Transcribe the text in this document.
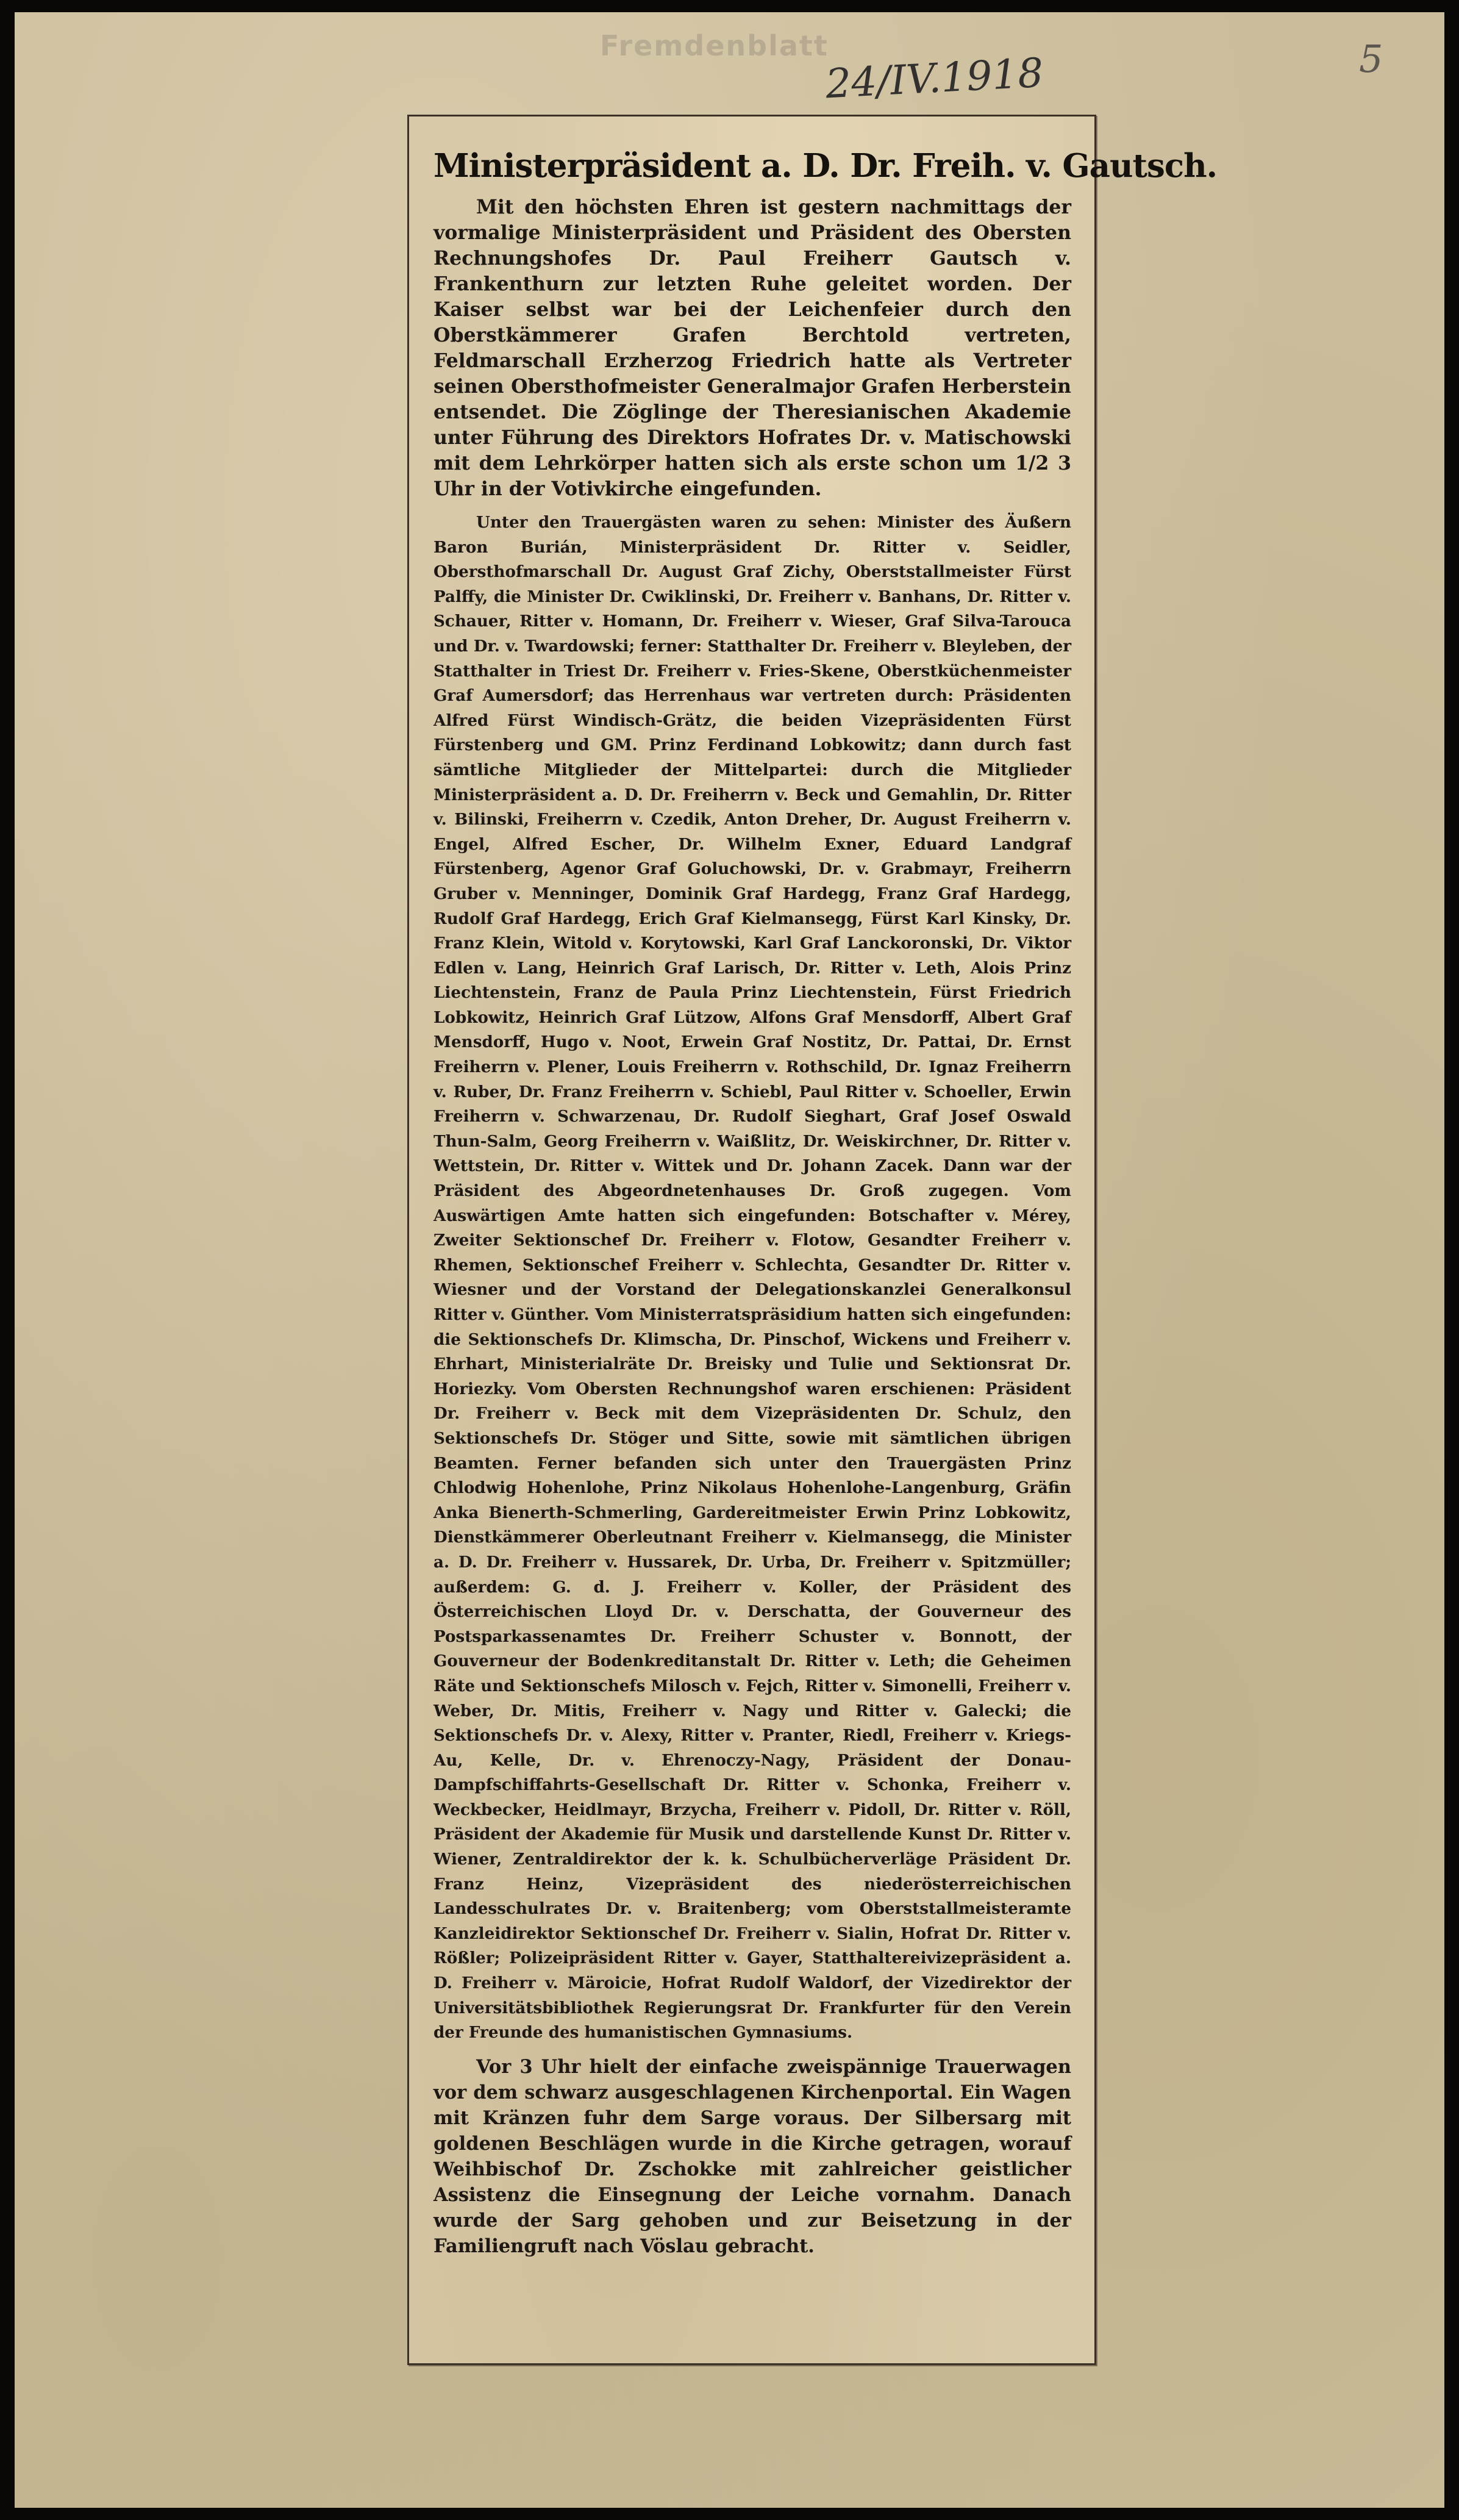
Fremdenblatt
24/IV.1918	5
Ministerpräsident a. D. Dr. Freih. v. Gautsch.

Mit den höchsten Ehren ist gestern nachmittags der vormalige Ministerpräsident und Präsident des Obersten Rechnungshofes Dr. Paul Freiherr Gautsch v. Frankenthurn zur letzten Ruhe geleitet worden. Der Kaiser selbst war bei der Leichenfeier durch den Oberstkämmerer Grafen Berchtold vertreten, Feldmarschall Erzherzog Friedrich hatte als Vertreter seinen Obersthofmeister Generalmajor Grafen Herberstein entsendet. Die Zöglinge der Theresianischen Akademie unter Führung des Direktors Hofrates Dr. v. Matischowski mit dem Lehrkörper hatten sich als erste schon um 1/2 3 Uhr in der Votivkirche eingefunden.

Unter den Trauergästen waren zu sehen: Minister des Äußern Baron Burián, Ministerpräsident Dr. Ritter v. Seidler, Obersthofmarschall Dr. August Graf Zichy, Oberststallmeister Fürst Palffy, die Minister Dr. Cwiklinski, Dr. Freiherr v. Banhans, Dr. Ritter v. Schauer, Ritter v. Homann, Dr. Freiherr v. Wieser, Graf Silva-Tarouca und Dr. v. Twardowski; ferner: Statthalter Dr. Freiherr v. Bleyleben, der Statthalter in Triest Dr. Freiherr v. Fries-Skene, Oberstküchenmeister Graf Aumersdorf; das Herrenhaus war vertreten durch: Präsidenten Alfred Fürst Windisch-Grätz, die beiden Vizepräsidenten Fürst Fürstenberg und GM. Prinz Ferdinand Lobkowitz; dann durch fast sämtliche Mitglieder der Mittelpartei: durch die Mitglieder Ministerpräsident a. D. Dr. Freiherrn v. Beck und Gemahlin, Dr. Ritter v. Bilinski, Freiherrn v. Czedik, Anton Dreher, Dr. August Freiherrn v. Engel, Alfred Escher, Dr. Wilhelm Exner, Eduard Landgraf Fürstenberg, Agenor Graf Goluchowski, Dr. v. Grabmayr, Freiherrn Gruber v. Menninger, Dominik Graf Hardegg, Franz Graf Hardegg, Rudolf Graf Hardegg, Erich Graf Kielmansegg, Fürst Karl Kinsky, Dr. Franz Klein, Witold v. Korytowski, Karl Graf Lanckoronski, Dr. Viktor Edlen v. Lang, Heinrich Graf Larisch, Dr. Ritter v. Leth, Alois Prinz Liechtenstein, Franz de Paula Prinz Liechtenstein, Fürst Friedrich Lobkowitz, Heinrich Graf Lützow, Alfons Graf Mensdorff, Albert Graf Mensdorff, Hugo v. Noot, Erwein Graf Nostitz, Dr. Pattai, Dr. Ernst Freiherrn v. Plener, Louis Freiherrn v. Rothschild, Dr. Ignaz Freiherrn v. Ruber, Dr. Franz Freiherrn v. Schiebl, Paul Ritter v. Schoeller, Erwin Freiherrn v. Schwarzenau, Dr. Rudolf Sieghart, Graf Josef Oswald Thun-Salm, Georg Freiherrn v. Waißlitz, Dr. Weiskirchner, Dr. Ritter v. Wettstein, Dr. Ritter v. Wittek und Dr. Johann Zacek. Dann war der Präsident des Abgeordnetenhauses Dr. Groß zugegen. Vom Auswärtigen Amte hatten sich eingefunden: Botschafter v. Mérey, Zweiter Sektionschef Dr. Freiherr v. Flotow, Gesandter Freiherr v. Rhemen, Sektionschef Freiherr v. Schlechta, Gesandter Dr. Ritter v. Wiesner und der Vorstand der Delegationskanzlei Generalkonsul Ritter v. Günther. Vom Ministerratspräsidium hatten sich eingefunden: die Sektionschefs Dr. Klimscha, Dr. Pinschof, Wickens und Freiherr v. Ehrhart, Ministerialräte Dr. Breisky und Tulie und Sektionsrat Dr. Horiezky. Vom Obersten Rechnungshof waren erschienen: Präsident Dr. Freiherr v. Beck mit dem Vizepräsidenten Dr. Schulz, den Sektionschefs Dr. Stöger und Sitte, sowie mit sämtlichen übrigen Beamten. Ferner befanden sich unter den Trauergästen Prinz Chlodwig Hohenlohe, Prinz Nikolaus Hohenlohe-Langenburg, Gräfin Anka Bienerth-Schmerling, Gardereitmeister Erwin Prinz Lobkowitz, Dienstkämmerer Oberleutnant Freiherr v. Kielmansegg, die Minister a. D. Dr. Freiherr v. Hussarek, Dr. Urba, Dr. Freiherr v. Spitzmüller; außerdem: G. d. J. Freiherr v. Koller, der Präsident des Österreichischen Lloyd Dr. v. Derschatta, der Gouverneur des Postsparkassenamtes Dr. Freiherr Schuster v. Bonnott, der Gouverneur der Bodenkreditanstalt Dr. Ritter v. Leth; die Geheimen Räte und Sektionschefs Milosch v. Fejch, Ritter v. Simonelli, Freiherr v. Weber, Dr. Mitis, Freiherr v. Nagy und Ritter v. Galecki; die Sektionschefs Dr. v. Alexy, Ritter v. Pranter, Riedl, Freiherr v. Kriegs-Au, Kelle, Dr. v. Ehrenoczy-Nagy, Präsident der Donau-Dampfschiffahrts-Gesellschaft Dr. Ritter v. Schonka, Freiherr v. Weckbecker, Heidlmayr, Brzycha, Freiherr v. Pidoll, Dr. Ritter v. Röll, Präsident der Akademie für Musik und darstellende Kunst Dr. Ritter v. Wiener, Zentraldirektor der k. k. Schulbücherverläge Präsident Dr. Franz Heinz, Vizepräsident des niederösterreichischen Landesschulrates Dr. v. Braitenberg; vom Oberststallmeisteramte Kanzleidirektor Sektionschef Dr. Freiherr v. Sialin, Hofrat Dr. Ritter v. Rößler; Polizeipräsident Ritter v. Gayer, Statthaltereivizepräsident a. D. Freiherr v. Märoicie, Hofrat Rudolf Waldorf, der Vizedirektor der Universitätsbibliothek Regierungsrat Dr. Frankfurter für den Verein der Freunde des humanistischen Gymnasiums.

Vor 3 Uhr hielt der einfache zweispännige Trauerwagen vor dem schwarz ausgeschlagenen Kirchenportal. Ein Wagen mit Kränzen fuhr dem Sarge voraus. Der Silbersarg mit goldenen Beschlägen wurde in die Kirche getragen, worauf Weihbischof Dr. Zschokke mit zahlreicher geistlicher Assistenz die Einsegnung der Leiche vornahm. Danach wurde der Sarg gehoben und zur Beisetzung in der Familiengruft nach Vöslau gebracht.
